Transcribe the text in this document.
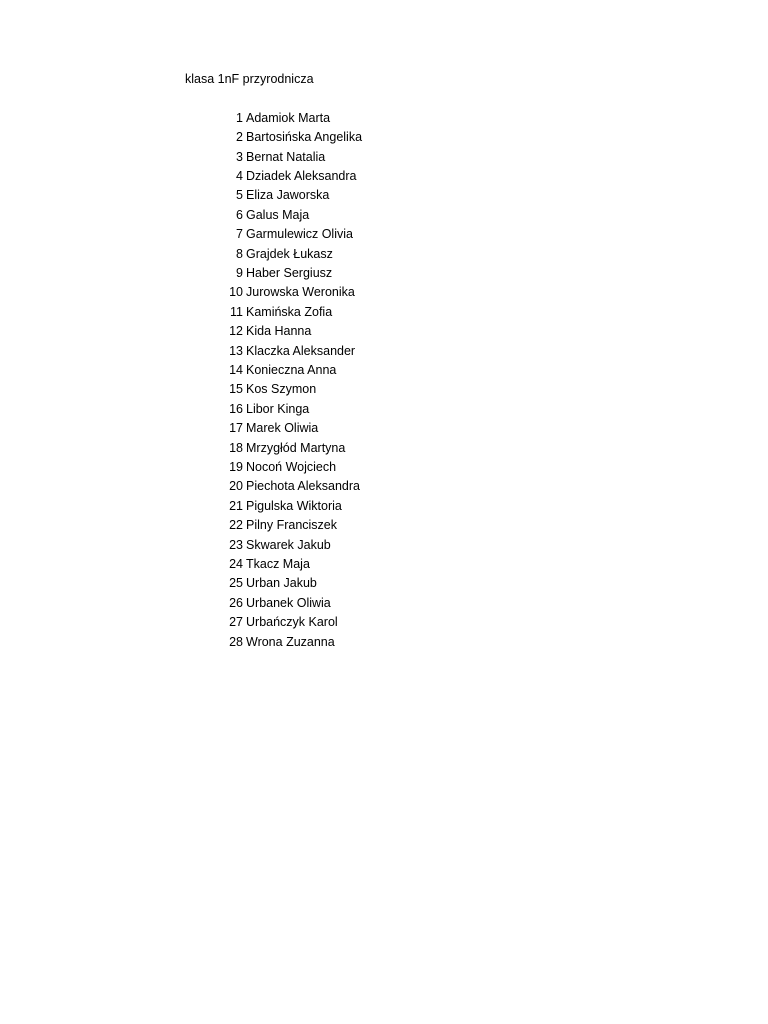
klasa 1nF przyrodnicza
1 Adamiok Marta
2 Bartosińska Angelika
3 Bernat Natalia
4 Dziadek Aleksandra
5 Eliza Jaworska
6 Galus Maja
7 Garmulewicz Olivia
8 Grajdek Łukasz
9 Haber Sergiusz
10 Jurowska Weronika
11 Kamińska Zofia
12 Kida Hanna
13 Klaczka Aleksander
14 Konieczna Anna
15 Kos Szymon
16 Libor Kinga
17 Marek Oliwia
18 Mrzygłód Martyna
19 Nocoń Wojciech
20 Piechota Aleksandra
21 Pigulska Wiktoria
22 Pilny Franciszek
23 Skwarek Jakub
24 Tkacz Maja
25 Urban Jakub
26 Urbanek Oliwia
27 Urbańczyk Karol
28 Wrona Zuzanna
